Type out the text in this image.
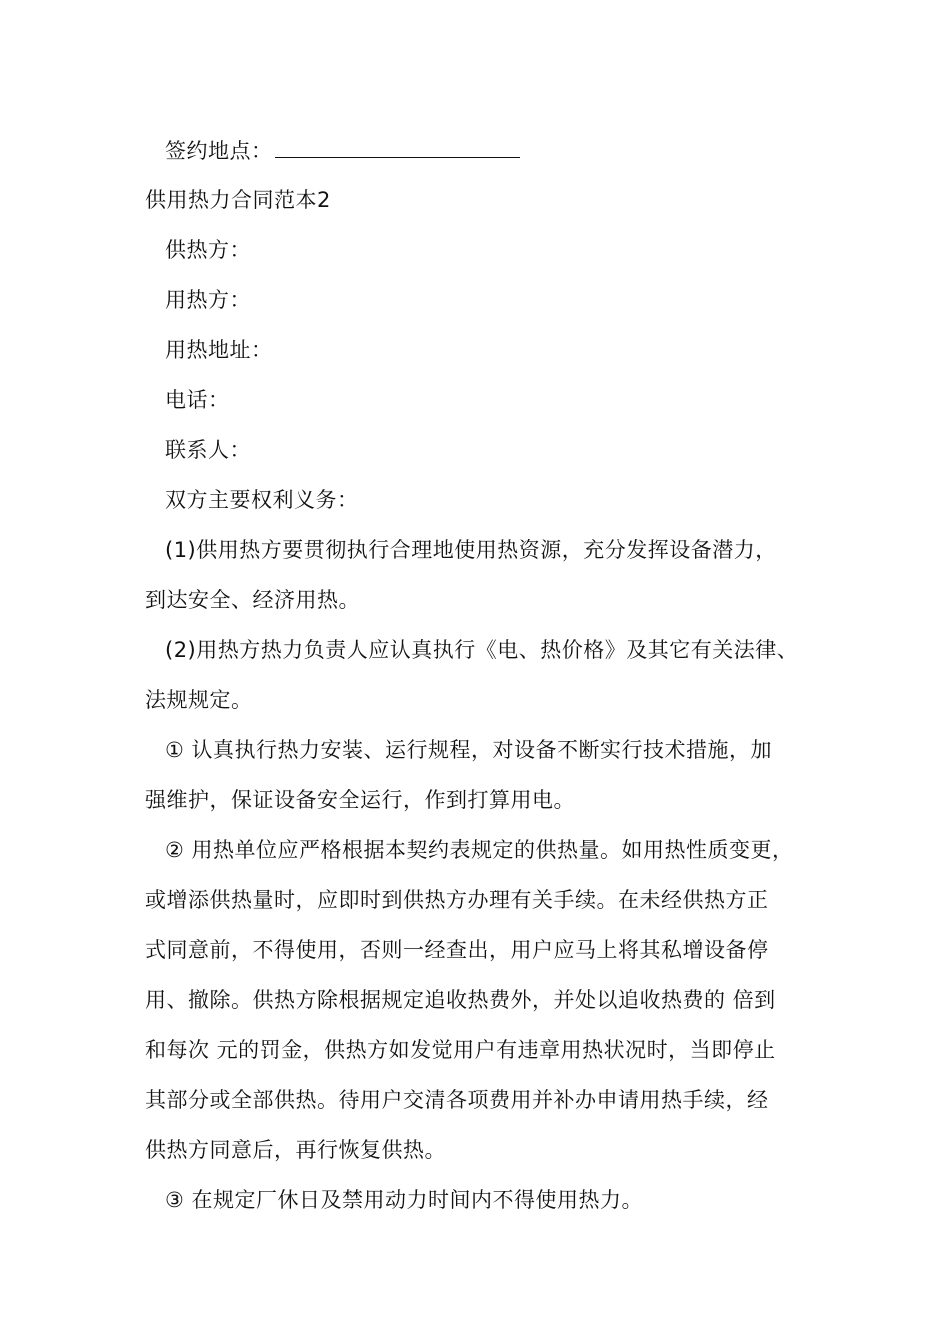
签约地点：
供用热力合同范本2
供热方：
用热方：
用热地址：
电话：
联系人：
双方主要权利义务：
(1)供用热方要贯彻执行合理地使用热资源，充分发挥设备潜力，
到达安全、经济用热。
(2)用热方热力负责人应认真执行《电、热价格》及其它有关法律、
法规规定。
① 认真执行热力安装、运行规程，对设备不断实行技术措施，加
强维护，保证设备安全运行，作到打算用电。
② 用热单位应严格根据本契约表规定的供热量。如用热性质变更，
或增添供热量时，应即时到供热方办理有关手续。在未经供热方正
式同意前，不得使用，否则一经查出，用户应马上将其私增设备停
用、撤除。供热方除根据规定追收热费外，并处以追收热费的 倍到
和每次 元的罚金，供热方如发觉用户有违章用热状况时，当即停止
其部分或全部供热。待用户交清各项费用并补办申请用热手续，经
供热方同意后，再行恢复供热。
③ 在规定厂休日及禁用动力时间内不得使用热力。
